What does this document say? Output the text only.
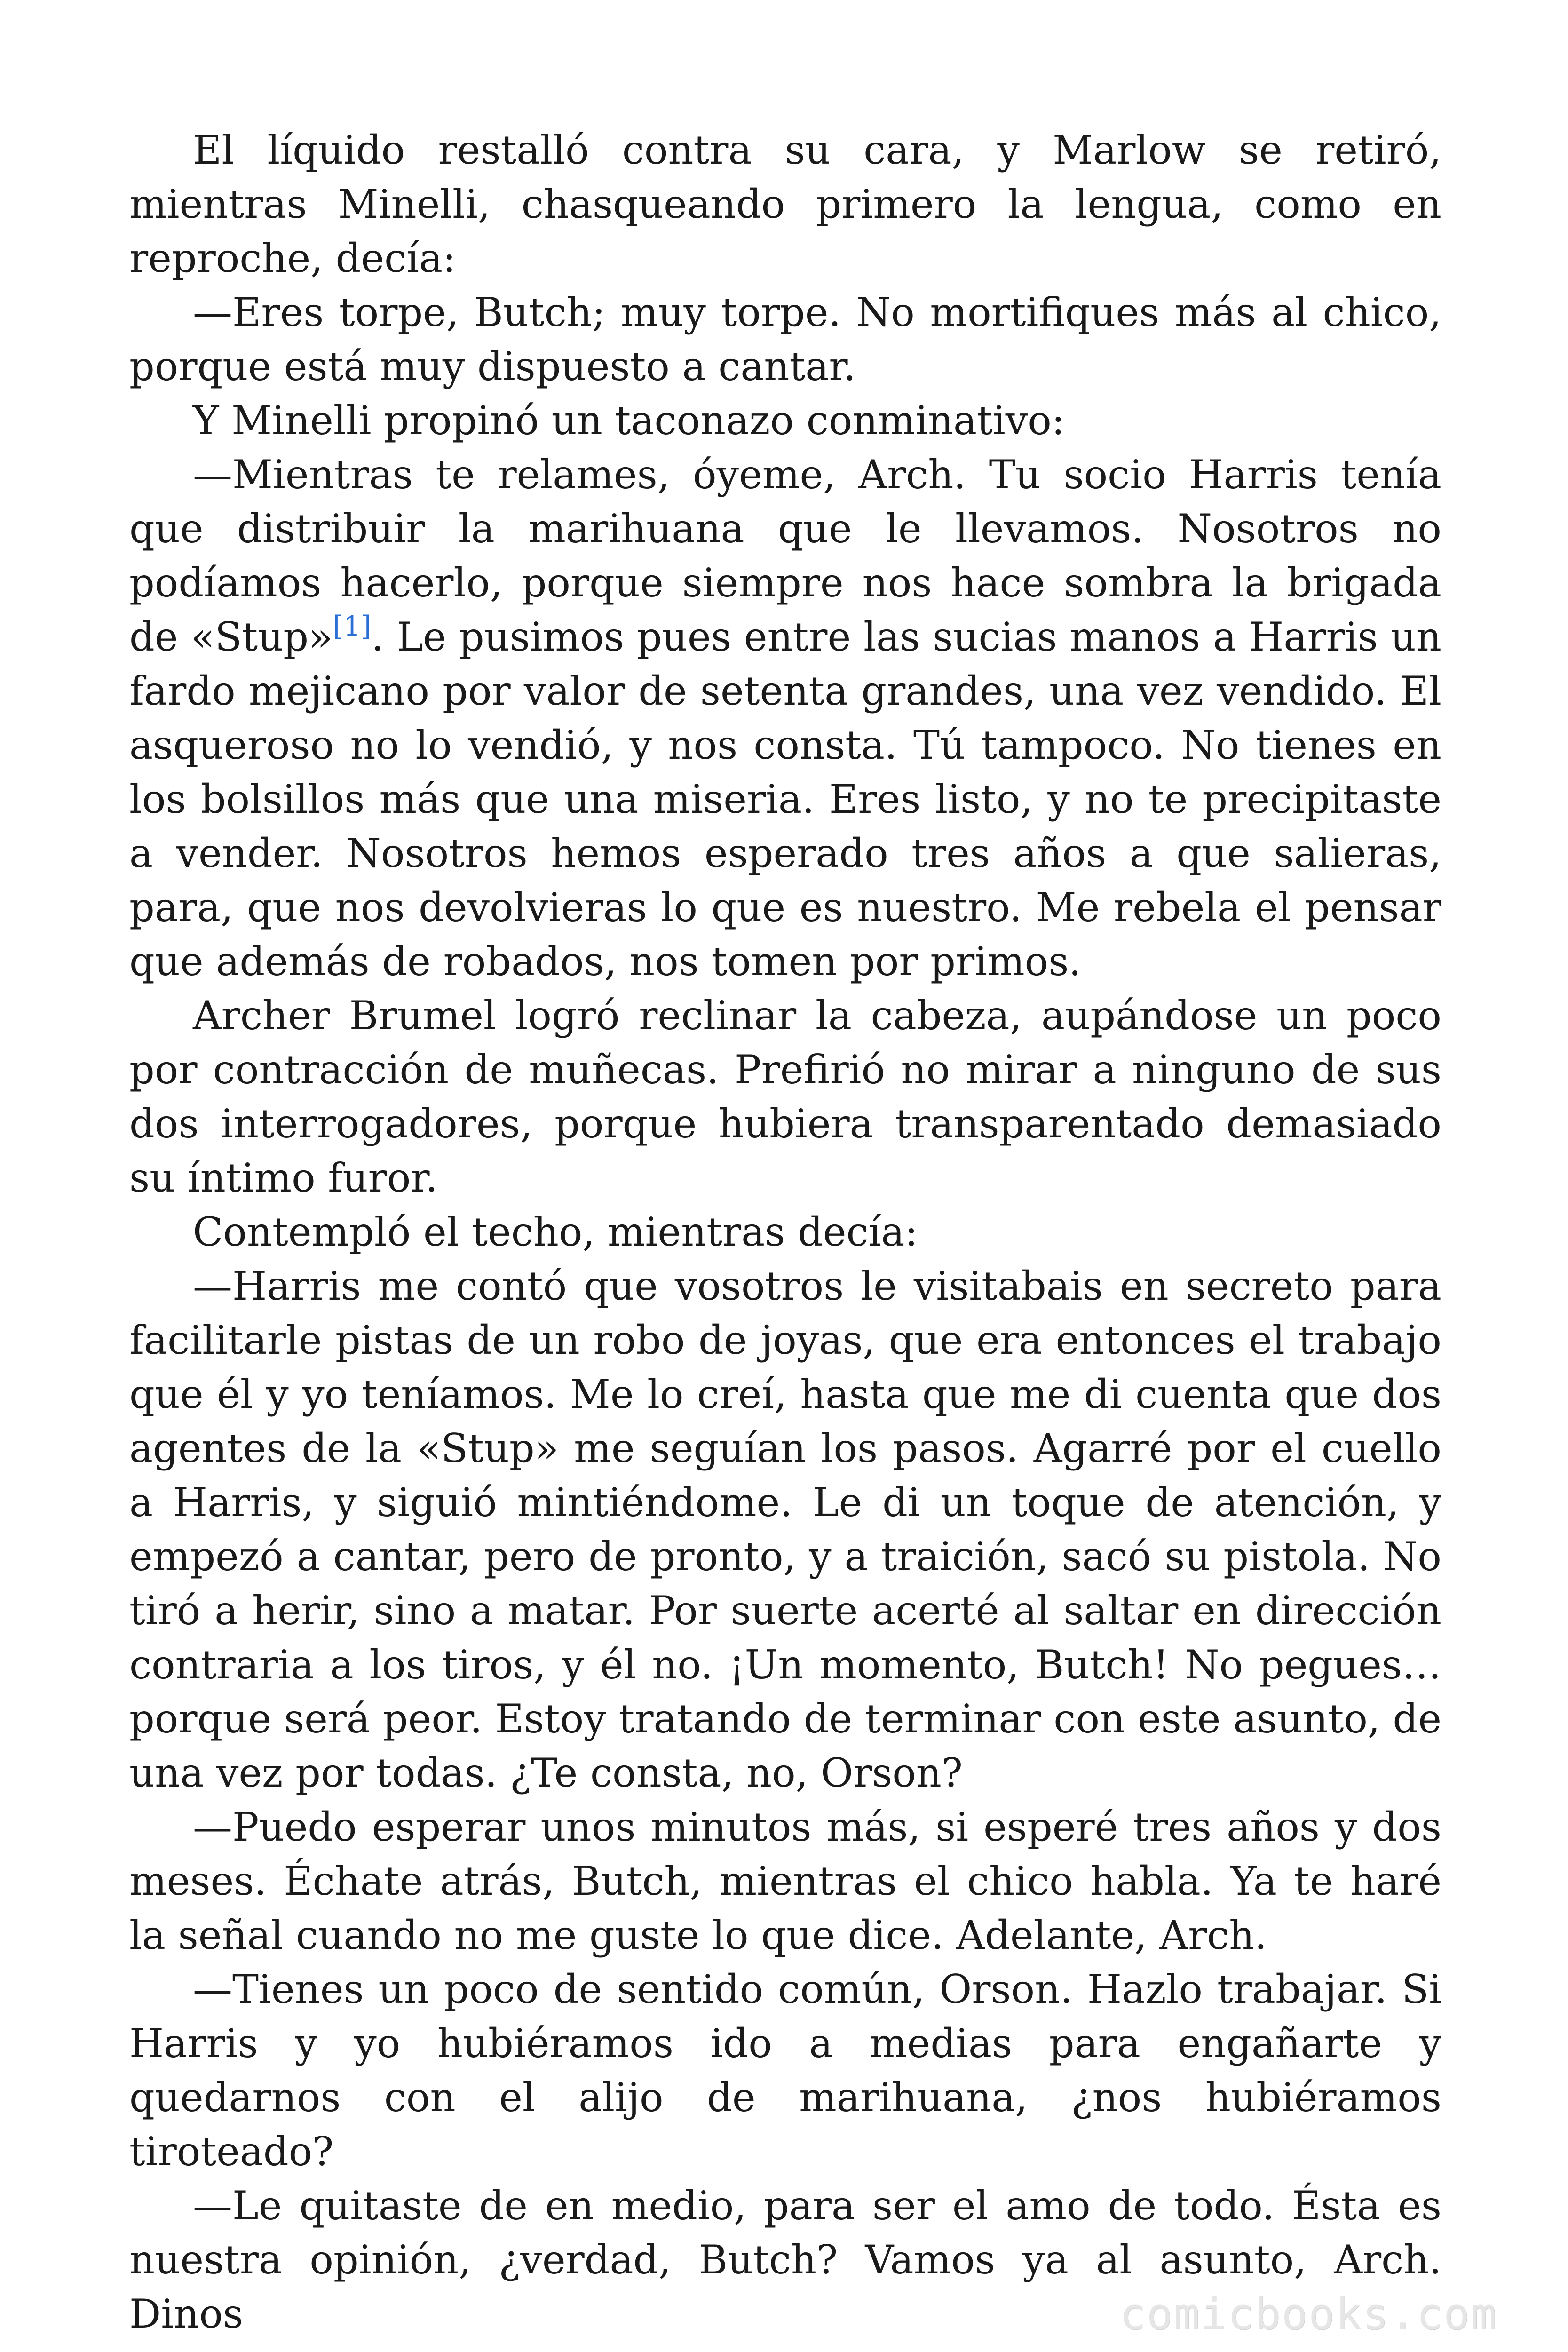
El líquido restalló contra su cara, y Marlow se retiró, mientras Minelli, chasqueando primero la lengua, como en reproche, decía:

—Eres torpe, Butch; muy torpe. No mortifiques más al chico, porque está muy dispuesto a cantar.

Y Minelli propinó un taconazo conminativo:

—Mientras te relames, óyeme, Arch. Tu socio Harris tenía que distribuir la marihuana que le llevamos. Nosotros no podíamos hacerlo, porque siempre nos hace sombra la brigada de «Stup»[1]. Le pusimos pues entre las sucias manos a Harris un fardo mejicano por valor de setenta grandes, una vez vendido. El asqueroso no lo vendió, y nos consta. Tú tampoco. No tienes en los bolsillos más que una miseria. Eres listo, y no te precipitaste a vender. Nosotros hemos esperado tres años a que salieras, para, que nos devolvieras lo que es nuestro. Me rebela el pensar que además de robados, nos tomen por primos.

Archer Brumel logró reclinar la cabeza, aupándose un poco por contracción de muñecas. Prefirió no mirar a ninguno de sus dos interrogadores, porque hubiera transparentado demasiado su íntimo furor.

Contempló el techo, mientras decía:

—Harris me contó que vosotros le visitabais en secreto para facilitarle pistas de un robo de joyas, que era entonces el trabajo que él y yo teníamos. Me lo creí, hasta que me di cuenta que dos agentes de la «Stup» me seguían los pasos. Agarré por el cuello a Harris, y siguió mintiéndome. Le di un toque de atención, y empezó a cantar, pero de pronto, y a traición, sacó su pistola. No tiró a herir, sino a matar. Por suerte acerté al saltar en dirección contraria a los tiros, y él no. ¡Un momento, Butch! No pegues… porque será peor. Estoy tratando de terminar con este asunto, de una vez por todas. ¿Te consta, no, Orson?

—Puedo esperar unos minutos más, si esperé tres años y dos meses. Échate atrás, Butch, mientras el chico habla. Ya te haré la señal cuando no me guste lo que dice. Adelante, Arch.

—Tienes un poco de sentido común, Orson. Hazlo trabajar. Si Harris y yo hubiéramos ido a medias para engañarte y quedarnos con el alijo de marihuana, ¿nos hubiéramos tiroteado?

—Le quitaste de en medio, para ser el amo de todo. Ésta es nuestra opinión, ¿verdad, Butch? Vamos ya al asunto, Arch. Dinos	comicbooks.com
